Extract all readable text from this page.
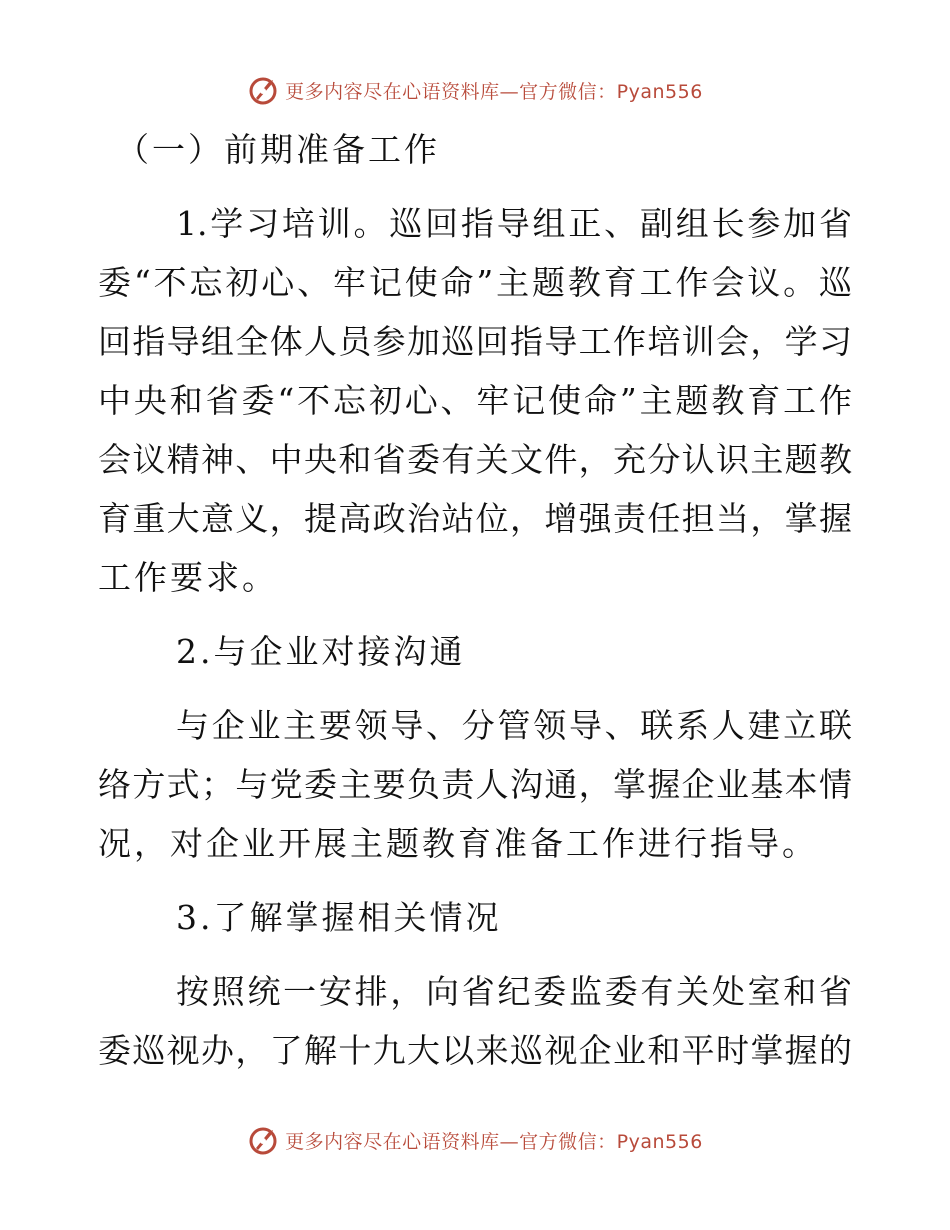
更多内容尽在心语资料库—官方微信：Pyan556
（一）前期准备工作
1.学习培训。巡回指导组正、副组长参加省
委“不忘初心、牢记使命”主题教育工作会议。巡
回指导组全体人员参加巡回指导工作培训会，学习
中央和省委“不忘初心、牢记使命”主题教育工作
会议精神、中央和省委有关文件，充分认识主题教
育重大意义，提高政治站位，增强责任担当，掌握
工作要求。
2.与企业对接沟通
与企业主要领导、分管领导、联系人建立联
络方式；与党委主要负责人沟通，掌握企业基本情
况，对企业开展主题教育准备工作进行指导。
3.了解掌握相关情况
按照统一安排，向省纪委监委有关处室和省
委巡视办，了解十九大以来巡视企业和平时掌握的
更多内容尽在心语资料库—官方微信：Pyan556
